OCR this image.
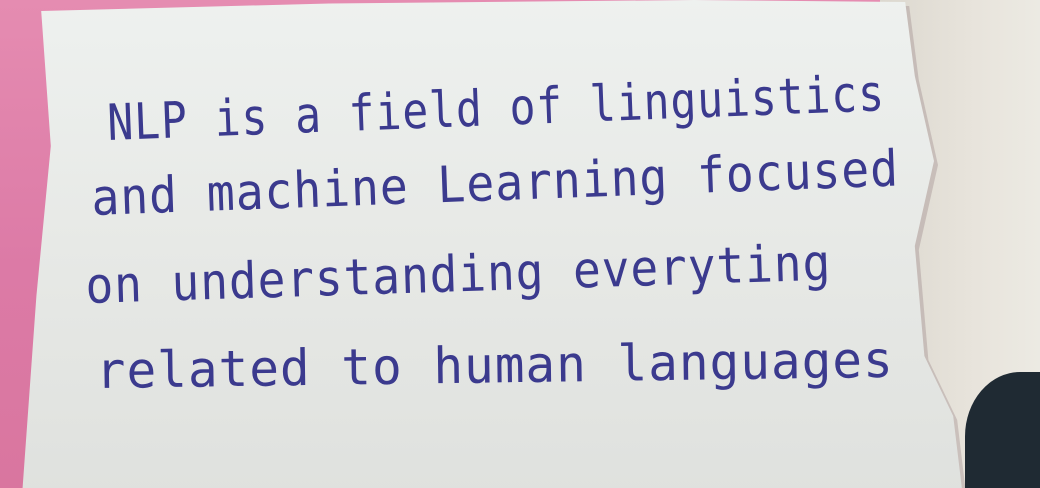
NLP is a field of linguistics
and machine Learning focused
on understanding everyting
related to human languages
